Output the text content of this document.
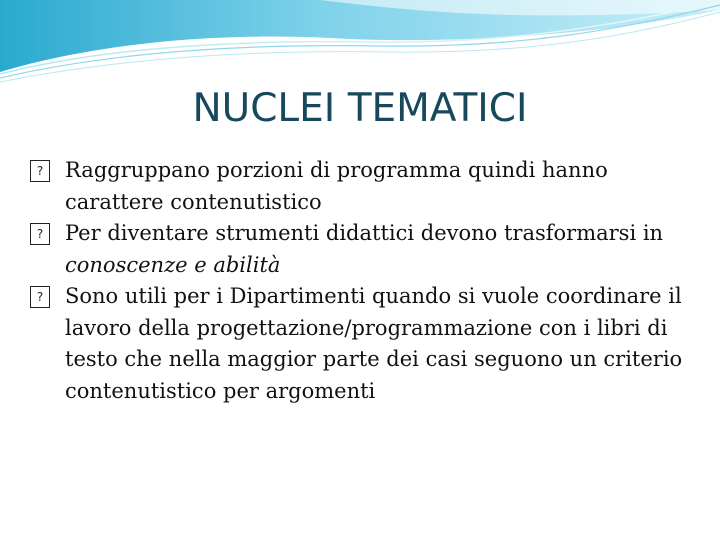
NUCLEI TEMATICI
?	Raggruppano porzioni di programma quindi hanno carattere contenutistico
?	Per diventare strumenti didattici devono trasformarsi in conoscenze e abilità
?	Sono utili per i Dipartimenti quando si vuole coordinare il lavoro della progettazione/programmazione con i libri di testo che nella maggior parte dei casi seguono un criterio contenutistico per argomenti
